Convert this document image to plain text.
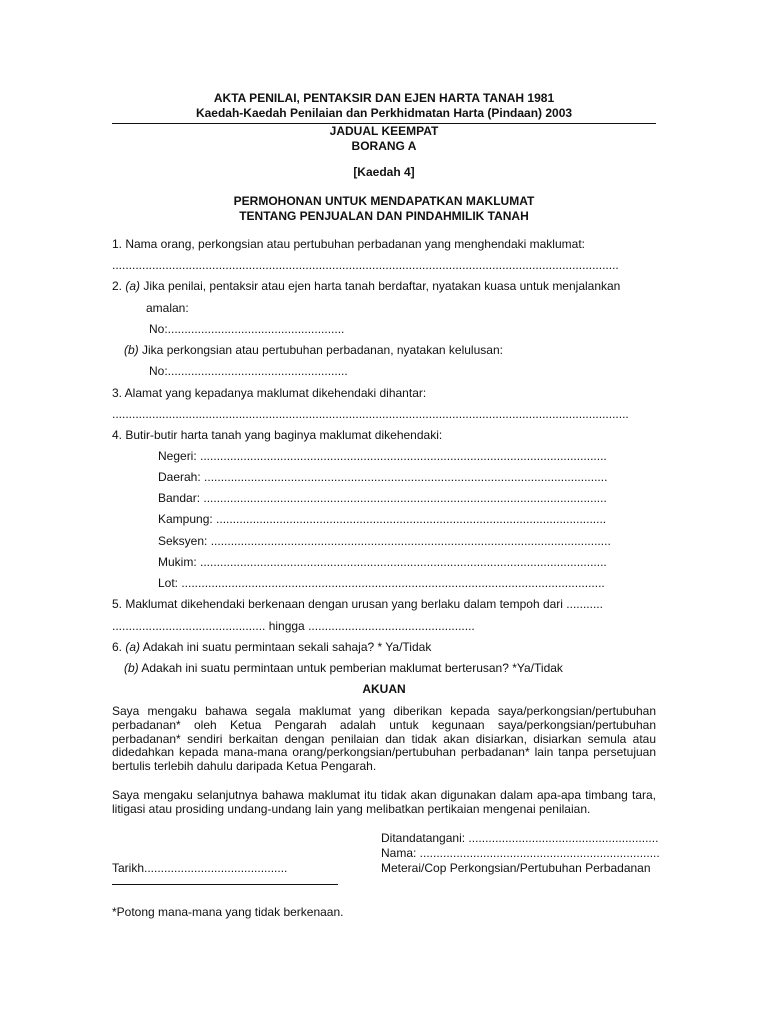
AKTA PENILAI, PENTAKSIR DAN EJEN HARTA TANAH 1981
Kaedah-Kaedah Penilaian dan Perkhidmatan Harta (Pindaan) 2003
JADUAL KEEMPAT
BORANG A
[Kaedah 4]
PERMOHONAN UNTUK MENDAPATKAN MAKLUMAT
TENTANG PENJUALAN DAN PINDAHMILIK TANAH
1. Nama orang, perkongsian atau pertubuhan perbadanan yang menghendaki maklumat:
........................................................................................................................................................
2. (a) Jika penilai, pentaksir atau ejen harta tanah berdaftar, nyatakan kuasa untuk menjalankan
amalan:
No:.....................................................
(b) Jika perkongsian atau pertubuhan perbadanan, nyatakan kelulusan:
No:......................................................
3. Alamat yang kepadanya maklumat dikehendaki dihantar:
...........................................................................................................................................................
4. Butir-butir harta tanah yang baginya maklumat dikehendaki:
Negeri: ..........................................................................................................................
Daerah: .........................................................................................................................
Bandar: .........................................................................................................................
Kampung: .....................................................................................................................
Seksyen: ........................................................................................................................
Mukim: ..........................................................................................................................
Lot: ...............................................................................................................................
5. Maklumat dikehendaki berkenaan dengan urusan yang berlaku dalam tempoh dari ...........
.............................................. hingga ..................................................
6. (a) Adakah ini suatu permintaan sekali sahaja? * Ya/Tidak
(b) Adakah ini suatu permintaan untuk pemberian maklumat berterusan? *Ya/Tidak
AKUAN
Saya mengaku bahawa segala maklumat yang diberikan kepada saya/perkongsian/pertubuhan perbadanan* oleh Ketua Pengarah adalah untuk kegunaan saya/perkongsian/pertubuhan perbadanan* sendiri berkaitan dengan penilaian dan tidak akan disiarkan, disiarkan semula atau didedahkan kepada mana-mana orang/perkongsian/pertubuhan perbadanan* lain tanpa persetujuan bertulis terlebih dahulu daripada Ketua Pengarah.
Saya mengaku selanjutnya bahawa maklumat itu tidak akan digunakan dalam apa-apa timbang tara, litigasi atau prosiding undang-undang lain yang melibatkan pertikaian mengenai penilaian.
Ditandatangani: .........................................................
Nama: ........................................................................
Meterai/Cop Perkongsian/Pertubuhan Perbadanan
Tarikh...........................................
*Potong mana-mana yang tidak berkenaan.
